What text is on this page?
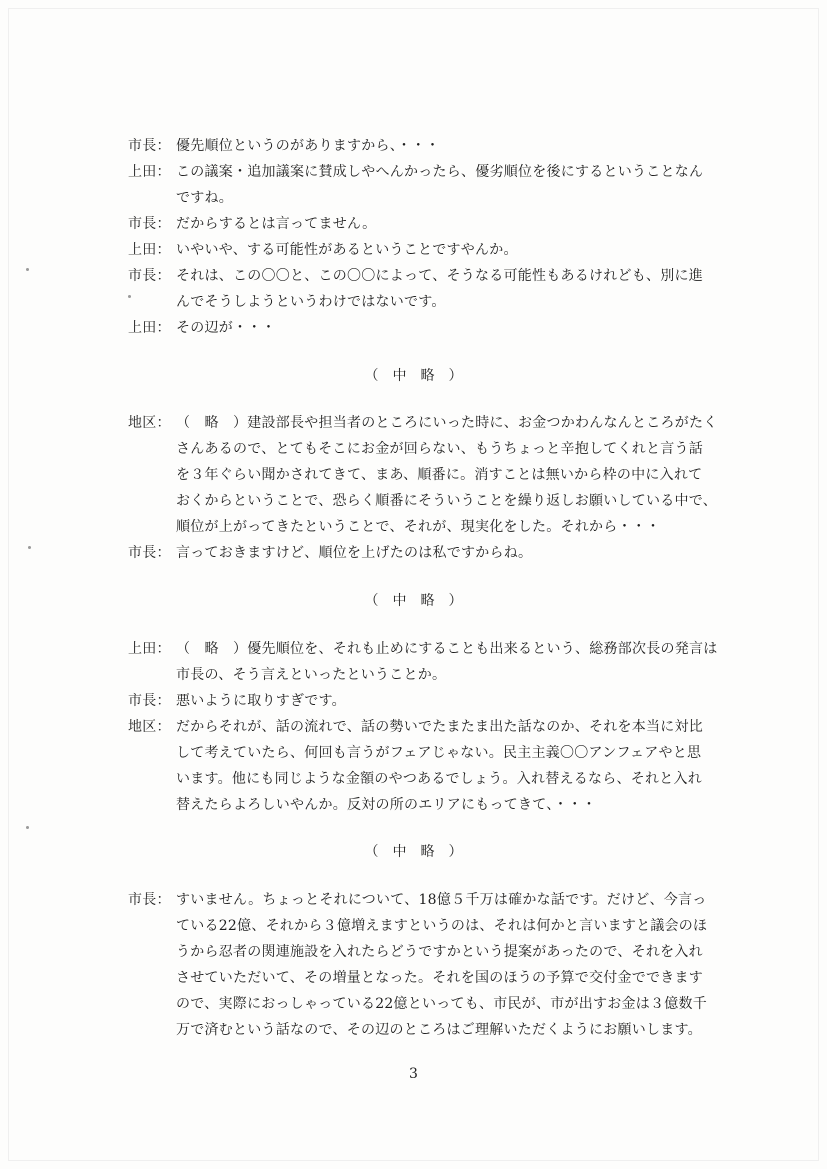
市長： 優先順位というのがありますから、・・・
上田： この議案・追加議案に賛成しやへんかったら、優劣順位を後にするということなん
ですね。
市長： だからするとは言ってません。
上田： いやいや、する可能性があるということですやんか。
市長： それは、この〇〇と、この〇〇によって、そうなる可能性もあるけれども、別に進
んでそうしようというわけではないです。
上田： その辺が・・・
（　中　略　）
地区： （　略　）建設部長や担当者のところにいった時に、お金つかわんなんところがたく
さんあるので、とてもそこにお金が回らない、もうちょっと辛抱してくれと言う話
を３年ぐらい聞かされてきて、まあ、順番に。消すことは無いから枠の中に入れて
おくからということで、恐らく順番にそういうことを繰り返しお願いしている中で、
順位が上がってきたということで、それが、現実化をした。それから・・・
市長： 言っておきますけど、順位を上げたのは私ですからね。
（　中　略　）
上田： （　略　）優先順位を、それも止めにすることも出来るという、総務部次長の発言は
市長の、そう言えといったということか。
市長： 悪いように取りすぎです。
地区： だからそれが、話の流れで、話の勢いでたまたま出た話なのか、それを本当に対比
して考えていたら、何回も言うがフェアじゃない。民主主義〇〇アンフェアやと思
います。他にも同じような金額のやつあるでしょう。入れ替えるなら、それと入れ
替えたらよろしいやんか。反対の所のエリアにもってきて、・・・
（　中　略　）
市長： すいません。ちょっとそれについて、18億５千万は確かな話です。だけど、今言っ
ている22億、それから３億増えますというのは、それは何かと言いますと議会のほ
うから忍者の関連施設を入れたらどうですかという提案があったので、それを入れ
させていただいて、その増量となった。それを国のほうの予算で交付金でできます
ので、実際におっしゃっている22億といっても、市民が、市が出すお金は３億数千
万で済むという話なので、その辺のところはご理解いただくようにお願いします。
3
